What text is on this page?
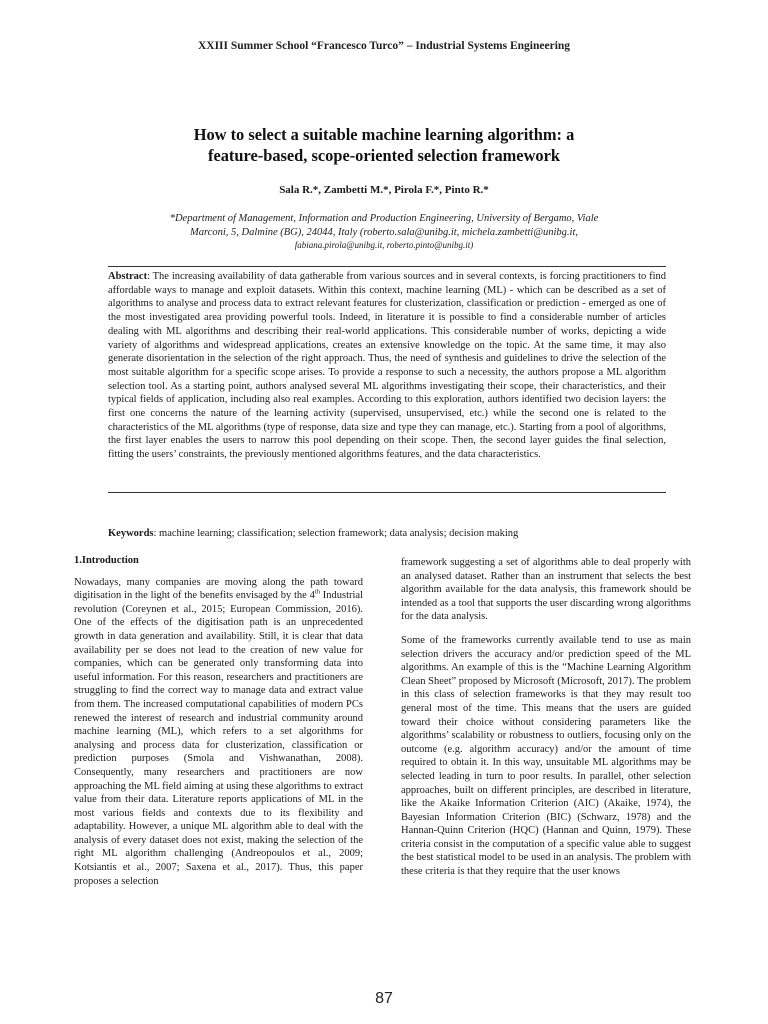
XXIII Summer School “Francesco Turco” – Industrial Systems Engineering
How to select a suitable machine learning algorithm: a
feature-based, scope-oriented selection framework
Sala R.*, Zambetti M.*, Pirola F.*, Pinto R.*
*Department of Management, Information and Production Engineering, University of Bergamo, Viale
Marconi, 5, Dalmine (BG), 24044, Italy (roberto.sala@unibg.it, michela.zambetti@unibg.it,
fabiana.pirola@unibg.it, roberto.pinto@unibg.it)
Abstract: The increasing availability of data gatherable from various sources and in several contexts, is forcing practitioners to find affordable ways to manage and exploit datasets. Within this context, machine learning (ML) - which can be described as a set of algorithms to analyse and process data to extract relevant features for clusterization, classification or prediction - emerged as one of the most investigated area providing powerful tools. Indeed, in literature it is possible to find a considerable number of articles dealing with ML algorithms and describing their real-world applications. This considerable number of works, depicting a wide variety of algorithms and widespread applications, creates an extensive knowledge on the topic. At the same time, it may also generate disorientation in the selection of the right approach. Thus, the need of synthesis and guidelines to drive the selection of the most suitable algorithm for a specific scope arises. To provide a response to such a necessity, the authors propose a ML algorithm selection tool. As a starting point, authors analysed several ML algorithms investigating their scope, their characteristics, and their typical fields of application, including also real examples. According to this exploration, authors identified two decision layers: the first one concerns the nature of the learning activity (supervised, unsupervised, etc.) while the second one is related to the characteristics of the ML algorithms (type of response, data size and type they can manage, etc.). Starting from a pool of algorithms, the first layer enables the users to narrow this pool depending on their scope. Then, the second layer guides the final selection, fitting the users’ constraints, the previously mentioned algorithms features, and the data characteristics.
Keywords: machine learning; classification; selection framework; data analysis; decision making
1.Introduction

Nowadays, many companies are moving along the path toward digitisation in the light of the benefits envisaged by the 4th Industrial revolution (Coreynen et al., 2015; European Commission, 2016). One of the effects of the digitisation path is an unprecedented growth in data generation and availability. Still, it is clear that data availability per se does not lead to the creation of new value for companies, which can be generated only transforming data into useful information. For this reason, researchers and practitioners are struggling to find the correct way to manage data and extract value from them. The increased computational capabilities of modern PCs renewed the interest of research and industrial community around machine learning (ML), which refers to a set algorithms for analysing and process data for clusterization, classification or prediction purposes (Smola and Vishwanathan, 2008). Consequently, many researchers and practitioners are now approaching the ML field aiming at using these algorithms to extract value from their data. Literature reports applications of ML in the most various fields and contexts due to its flexibility and adaptability. However, a unique ML algorithm able to deal with the analysis of every dataset does not exist, making the selection of the right ML algorithm challenging (Andreopoulos et al., 2009; Kotsiantis et al., 2007; Saxena et al., 2017). Thus, this paper proposes a selection

framework suggesting a set of algorithms able to deal properly with an analysed dataset. Rather than an instrument that selects the best algorithm available for the data analysis, this framework should be intended as a tool that supports the user discarding wrong algorithms for the data analysis.

Some of the frameworks currently available tend to use as main selection drivers the accuracy and/or prediction speed of the ML algorithms. An example of this is the “Machine Learning Algorithm Clean Sheet” proposed by Microsoft (Microsoft, 2017). The problem in this class of selection frameworks is that they may result too general most of the time. This means that the users are guided toward their choice without considering parameters like the algorithms’ scalability or robustness to outliers, focusing only on the outcome (e.g. algorithm accuracy) and/or the amount of time required to obtain it. In this way, unsuitable ML algorithms may be selected leading in turn to poor results. In parallel, other selection approaches, built on different principles, are described in literature, like the Akaike Information Criterion (AIC) (Akaike, 1974), the Bayesian Information Criterion (BIC) (Schwarz, 1978) and the Hannan-Quinn Criterion (HQC) (Hannan and Quinn, 1979). These criteria consist in the computation of a specific value able to suggest the best statistical model to be used in an analysis. The problem with these criteria is that they require that the user knows

87
